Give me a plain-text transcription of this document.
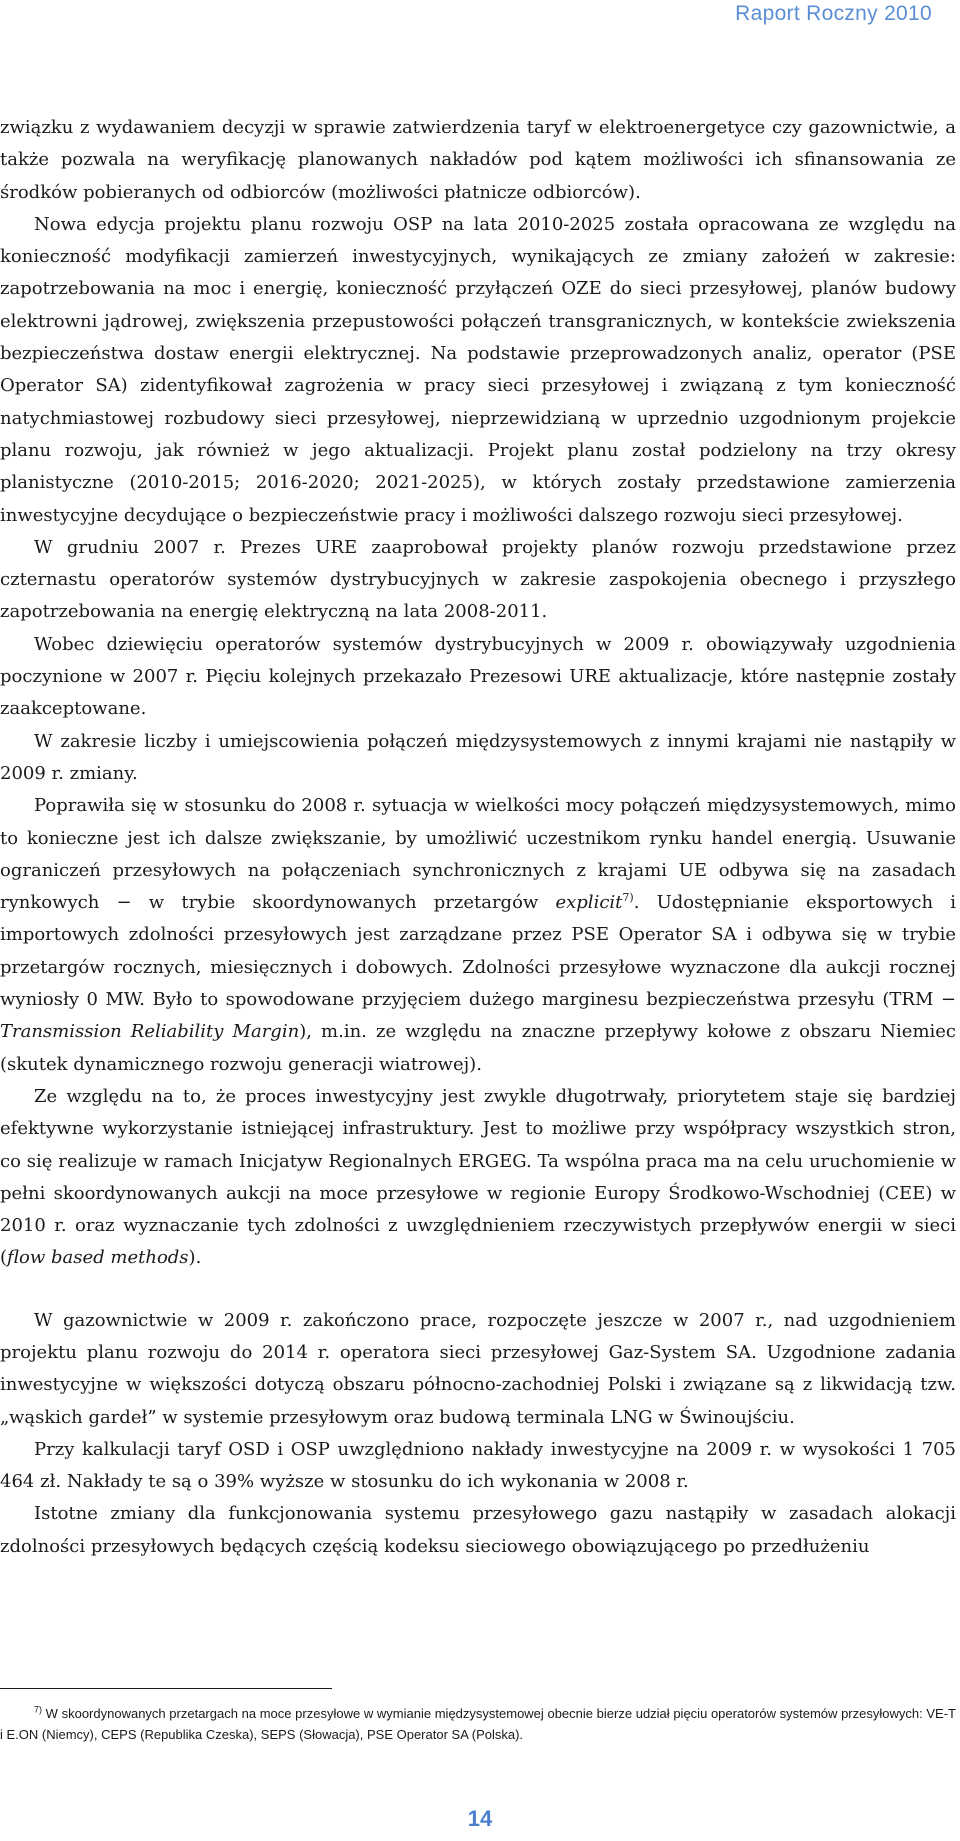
Raport Roczny 2010

związku z wydawaniem decyzji w sprawie zatwierdzenia taryf w elektroenergetyce czy gazownictwie, a także pozwala na weryfikację planowanych nakładów pod kątem możliwości ich sfinansowania ze środków pobieranych od odbiorców (możliwości płatnicze odbiorców).

Nowa edycja projektu planu rozwoju OSP na lata 2010-2025 została opracowana ze względu na konieczność modyfikacji zamierzeń inwestycyjnych, wynikających ze zmiany założeń w zakresie: zapotrzebowania na moc i energię, konieczność przyłączeń OZE do sieci przesyłowej, planów budowy elektrowni jądrowej, zwiększenia przepustowości połączeń transgranicznych, w kontekście zwiekszenia bezpieczeństwa dostaw energii elektrycznej. Na podstawie przeprowadzonych analiz, operator (PSE Operator SA) zidentyfikował zagrożenia w pracy sieci przesyłowej i związaną z tym konieczność natychmiastowej rozbudowy sieci przesyłowej, nieprzewidzianą w uprzednio uzgodnionym projekcie planu rozwoju, jak również w jego aktualizacji. Projekt planu został podzielony na trzy okresy planistyczne (2010-2015; 2016-2020; 2021-2025), w których zostały przedstawione zamierzenia inwestycyjne decydujące o bezpieczeństwie pracy i możliwości dalszego rozwoju sieci przesyłowej.

W grudniu 2007 r. Prezes URE zaaprobował projekty planów rozwoju przedstawione przez czternastu operatorów systemów dystrybucyjnych w zakresie zaspokojenia obecnego i przyszłego zapotrzebowania na energię elektryczną na lata 2008-2011.

Wobec dziewięciu operatorów systemów dystrybucyjnych w 2009 r. obowiązywały uzgodnienia poczynione w 2007 r. Pięciu kolejnych przekazało Prezesowi URE aktualizacje, które następnie zostały zaakceptowane.

W zakresie liczby i umiejscowienia połączeń międzysystemowych z innymi krajami nie nastąpiły w 2009 r. zmiany.

Poprawiła się w stosunku do 2008 r. sytuacja w wielkości mocy połączeń międzysystemowych, mimo to konieczne jest ich dalsze zwiększanie, by umożliwić uczestnikom rynku handel energią. Usuwanie ograniczeń przesyłowych na połączeniach synchronicznych z krajami UE odbywa się na zasadach rynkowych − w trybie skoordynowanych przetargów explicit$^{7)}$. Udostępnianie eksportowych i importowych zdolności przesyłowych jest zarządzane przez PSE Operator SA i odbywa się w trybie przetargów rocznych, miesięcznych i dobowych. Zdolności przesyłowe wyznaczone dla aukcji rocznej wyniosły 0 MW. Było to spowodowane przyjęciem dużego marginesu bezpieczeństwa przesyłu (TRM − Transmission Reliability Margin), m.in. ze względu na znaczne przepływy kołowe z obszaru Niemiec (skutek dynamicznego rozwoju generacji wiatrowej).

Ze względu na to, że proces inwestycyjny jest zwykle długotrwały, priorytetem staje się bardziej efektywne wykorzystanie istniejącej infrastruktury. Jest to możliwe przy współpracy wszystkich stron, co się realizuje w ramach Inicjatyw Regionalnych ERGEG. Ta wspólna praca ma na celu uruchomienie w pełni skoordynowanych aukcji na moce przesyłowe w regionie Europy Środkowo-Wschodniej (CEE) w 2010 r. oraz wyznaczanie tych zdolności z uwzględnieniem rzeczywistych przepływów energii w sieci (flow based methods).

W gazownictwie w 2009 r. zakończono prace, rozpoczęte jeszcze w 2007 r., nad uzgodnieniem projektu planu rozwoju do 2014 r. operatora sieci przesyłowej Gaz-System SA. Uzgodnione zadania inwestycyjne w większości dotyczą obszaru północno-zachodniej Polski i związane są z likwidacją tzw. „wąskich gardeł” w systemie przesyłowym oraz budową terminala LNG w Świnoujściu.

Przy kalkulacji taryf OSD i OSP uwzględniono nakłady inwestycyjne na 2009 r. w wysokości 1 705 464 zł. Nakłady te są o 39% wyższe w stosunku do ich wykonania w 2008 r.

Istotne zmiany dla funkcjonowania systemu przesyłowego gazu nastąpiły w zasadach alokacji zdolności przesyłowych będących częścią kodeksu sieciowego obowiązującego po przedłużeniu

$^{7)}$ W skoordynowanych przetargach na moce przesyłowe w wymianie międzysystemowej obecnie bierze udział pięciu operatorów systemów przesyłowych: VE-T i E.ON (Niemcy), CEPS (Republika Czeska), SEPS (Słowacja), PSE Operator SA (Polska).

14
